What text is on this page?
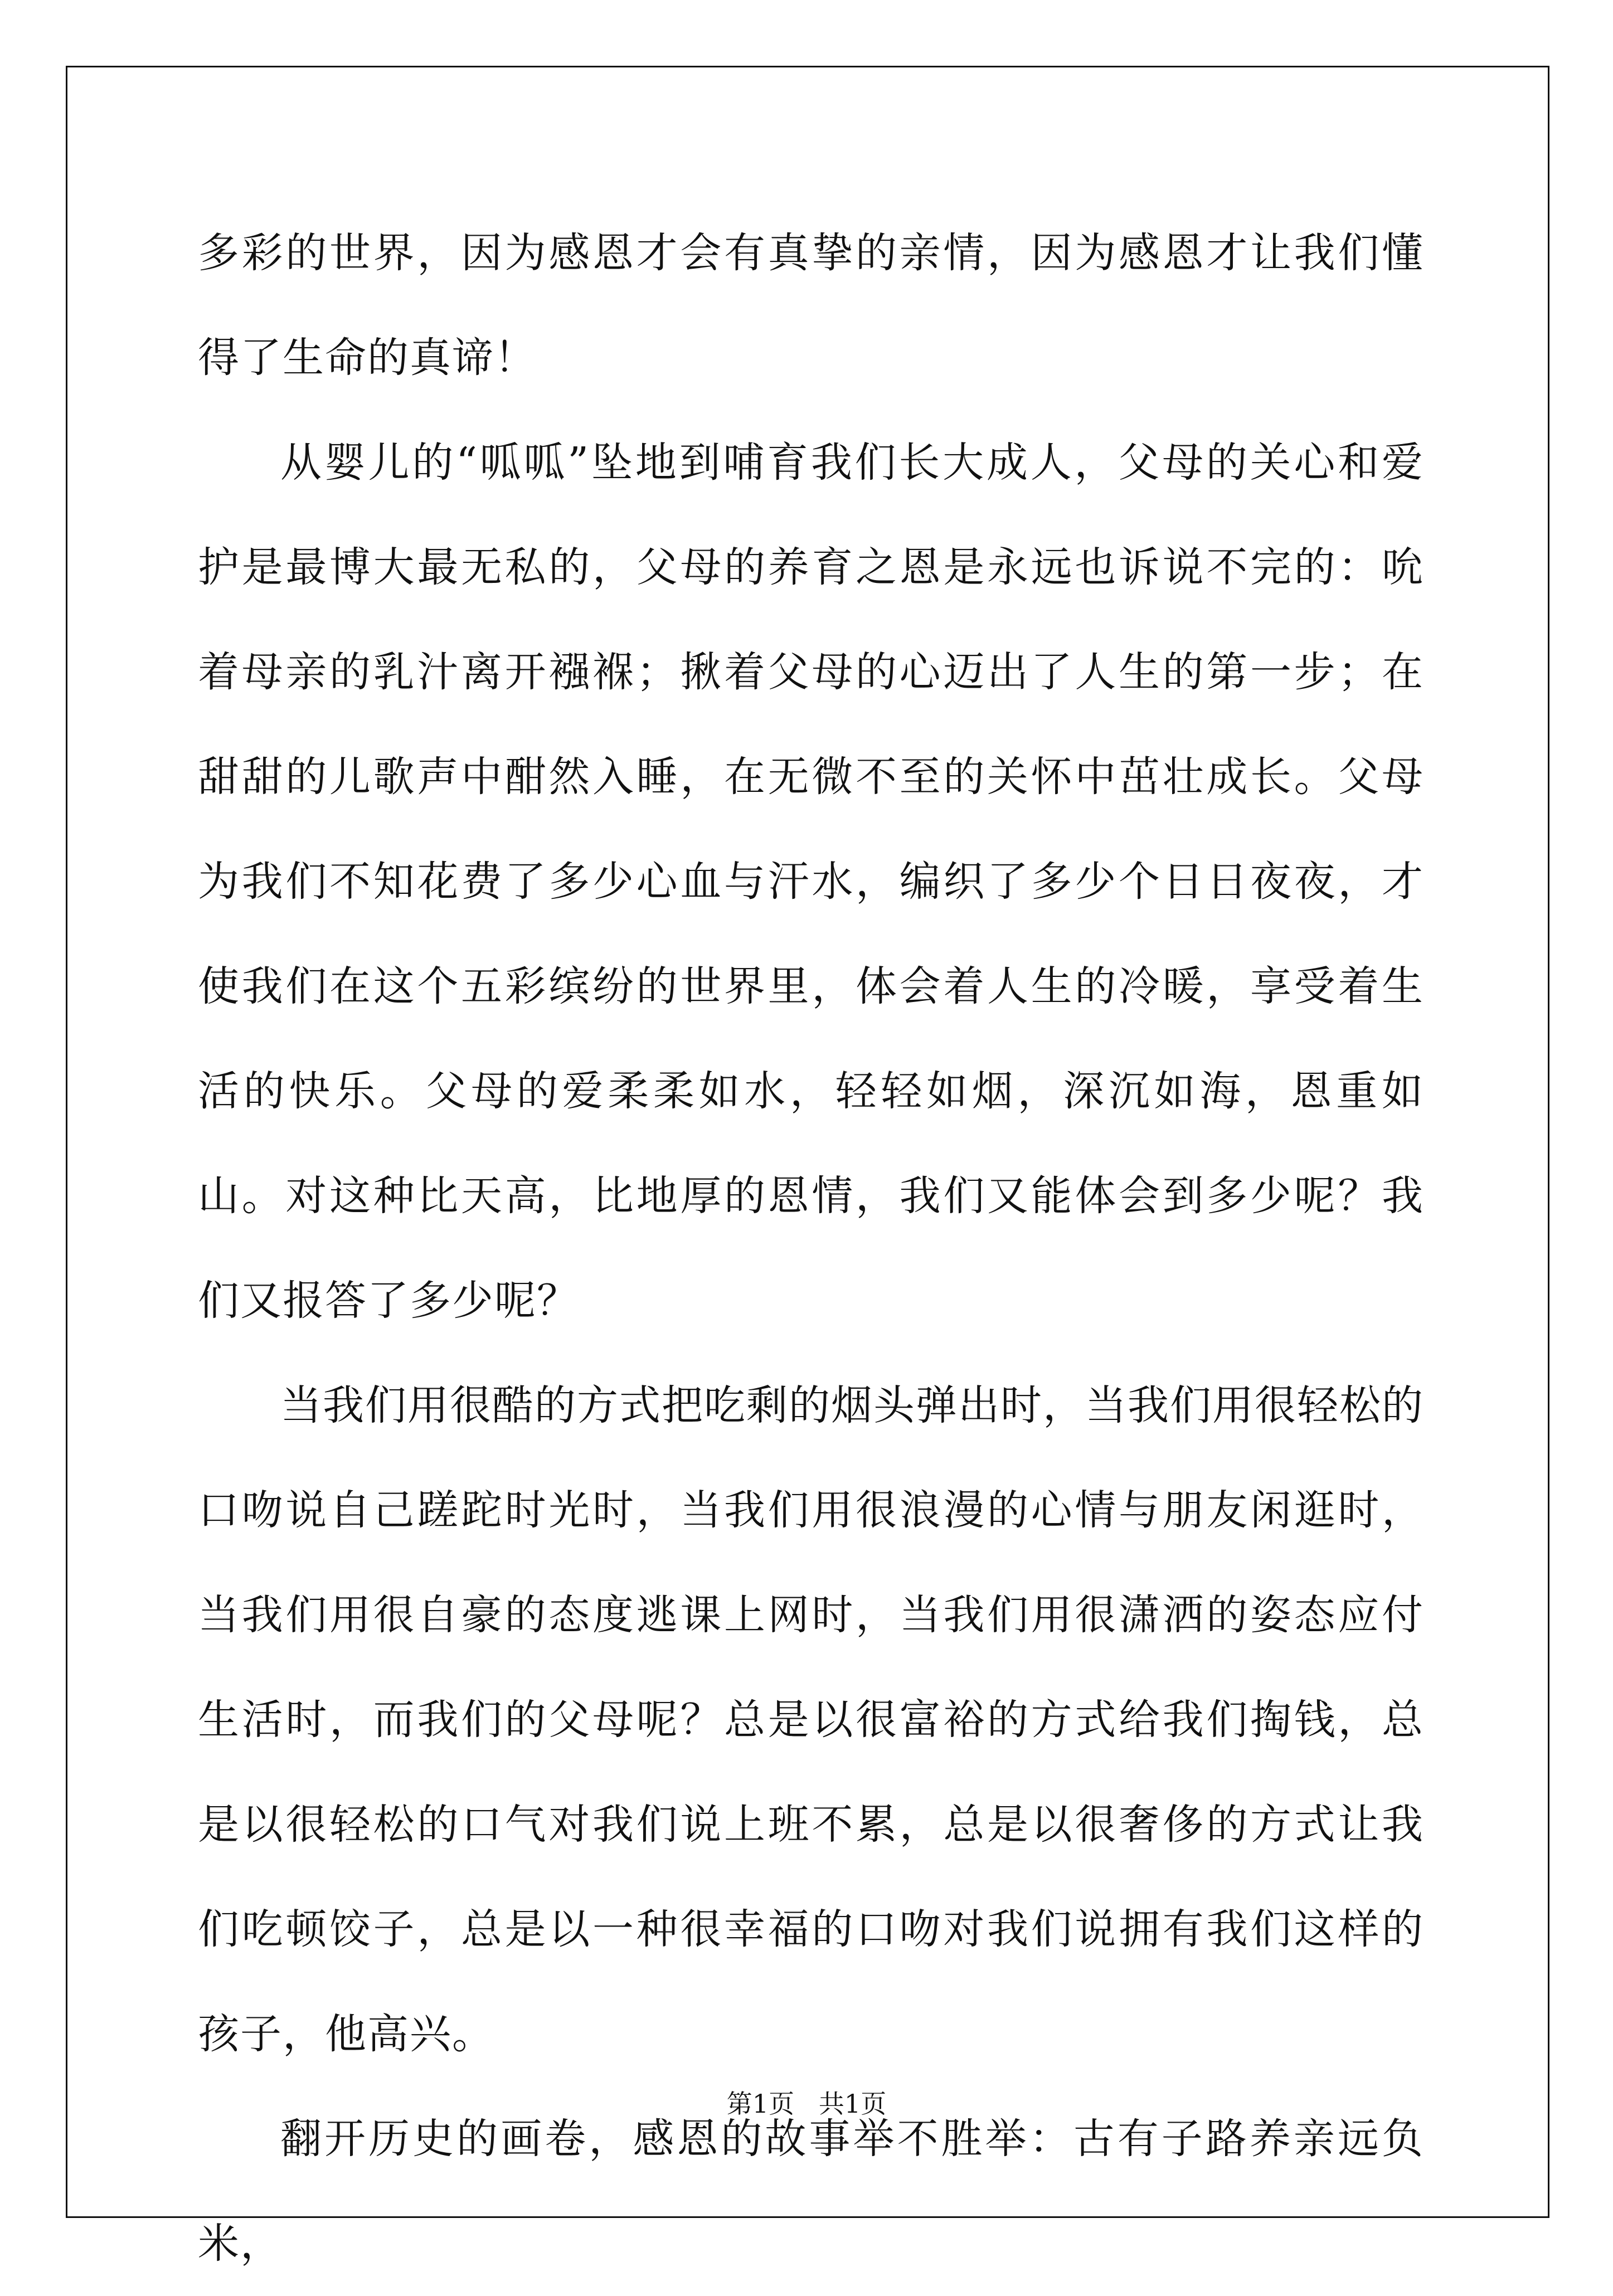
多彩的世界，因为感恩才会有真挚的亲情，因为感恩才让我们懂得了生命的真谛！

从婴儿的“呱呱”坠地到哺育我们长大成人，父母的关心和爱护是最博大最无私的，父母的养育之恩是永远也诉说不完的：吮着母亲的乳汁离开襁褓；揪着父母的心迈出了人生的第一步；在甜甜的儿歌声中酣然入睡，在无微不至的关怀中茁壮成长。父母为我们不知花费了多少心血与汗水，编织了多少个日日夜夜，才使我们在这个五彩缤纷的世界里，体会着人生的冷暖，享受着生活的快乐。父母的爱柔柔如水，轻轻如烟，深沉如海，恩重如山。对这种比天高，比地厚的恩情，我们又能体会到多少呢？我们又报答了多少呢？

当我们用很酷的方式把吃剩的烟头弹出时，当我们用很轻松的口吻说自己蹉跎时光时，当我们用很浪漫的心情与朋友闲逛时，当我们用很自豪的态度逃课上网时，当我们用很潇洒的姿态应付生活时，而我们的父母呢？总是以很富裕的方式给我们掏钱，总是以很轻松的口气对我们说上班不累，总是以很奢侈的方式让我们吃顿饺子，总是以一种很幸福的口吻对我们说拥有我们这样的孩子，他高兴。

翻开历史的画卷，感恩的故事举不胜举：古有子路养亲远负米，

第1页   共1页
